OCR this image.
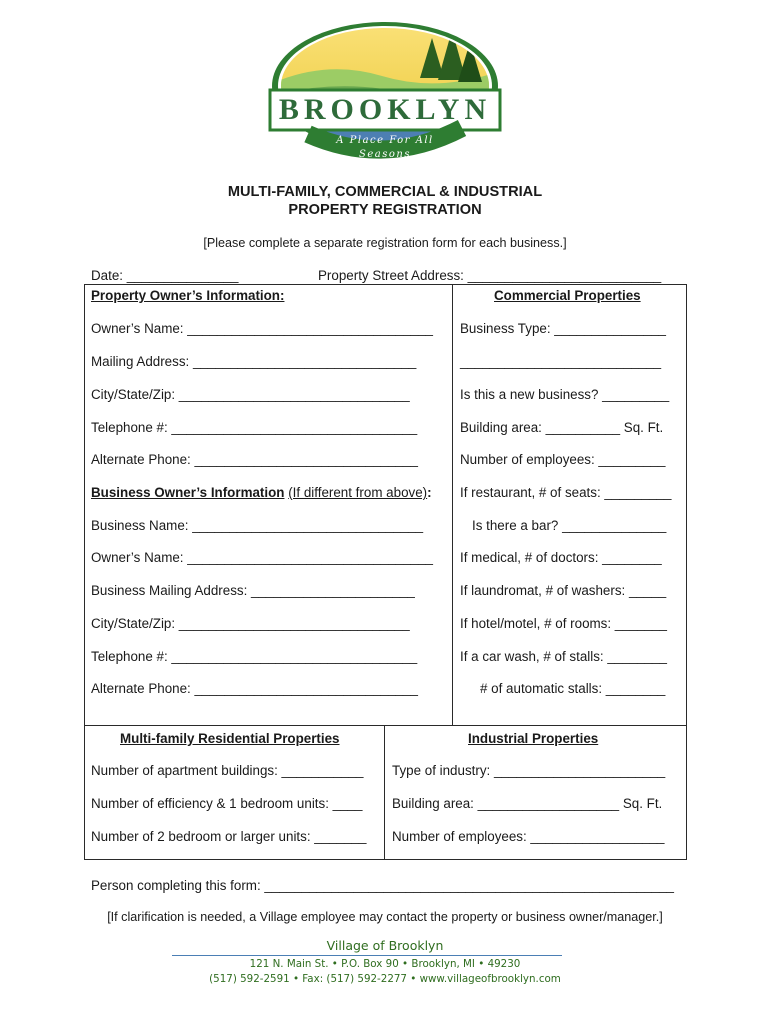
BROOKLYN
A Place For All Seasons
MULTI-FAMILY, COMMERCIAL & INDUSTRIAL
PROPERTY REGISTRATION
[Please complete a separate registration form for each business.]
Date: _______________	Property Street Address: __________________________
Property Owner’s Information:
Owner’s Name: _________________________________
Mailing Address: ______________________________
City/State/Zip: _______________________________
Telephone #: _________________________________
Alternate Phone: ______________________________
Business Owner’s Information (If different from above):
Business Name: _______________________________
Owner’s Name: _________________________________
Business Mailing Address: ______________________
City/State/Zip: _______________________________
Telephone #: _________________________________
Alternate Phone: ______________________________
Commercial Properties
Business Type: _______________
___________________________
Is this a new business? _________
Building area: __________ Sq. Ft.
Number of employees: _________
If restaurant, # of seats: _________
Is there a bar? ______________
If medical, # of doctors: ________
If laundromat, # of washers: _____
If hotel/motel, # of rooms: _______
If a car wash, # of stalls: ________
# of automatic stalls: ________
Multi-family Residential Properties
Number of apartment buildings: ___________
Number of efficiency & 1 bedroom units: ____
Number of 2 bedroom or larger units: _______
Industrial Properties
Type of industry: _______________________
Building area: ___________________ Sq. Ft.
Number of employees: __________________
Person completing this form: _______________________________________________________
[If clarification is needed, a Village employee may contact the property or business owner/manager.]
Village of Brooklyn
121 N. Main St. • P.O. Box 90 • Brooklyn, MI • 49230
(517) 592-2591 • Fax: (517) 592-2277 • www.villageofbrooklyn.com
